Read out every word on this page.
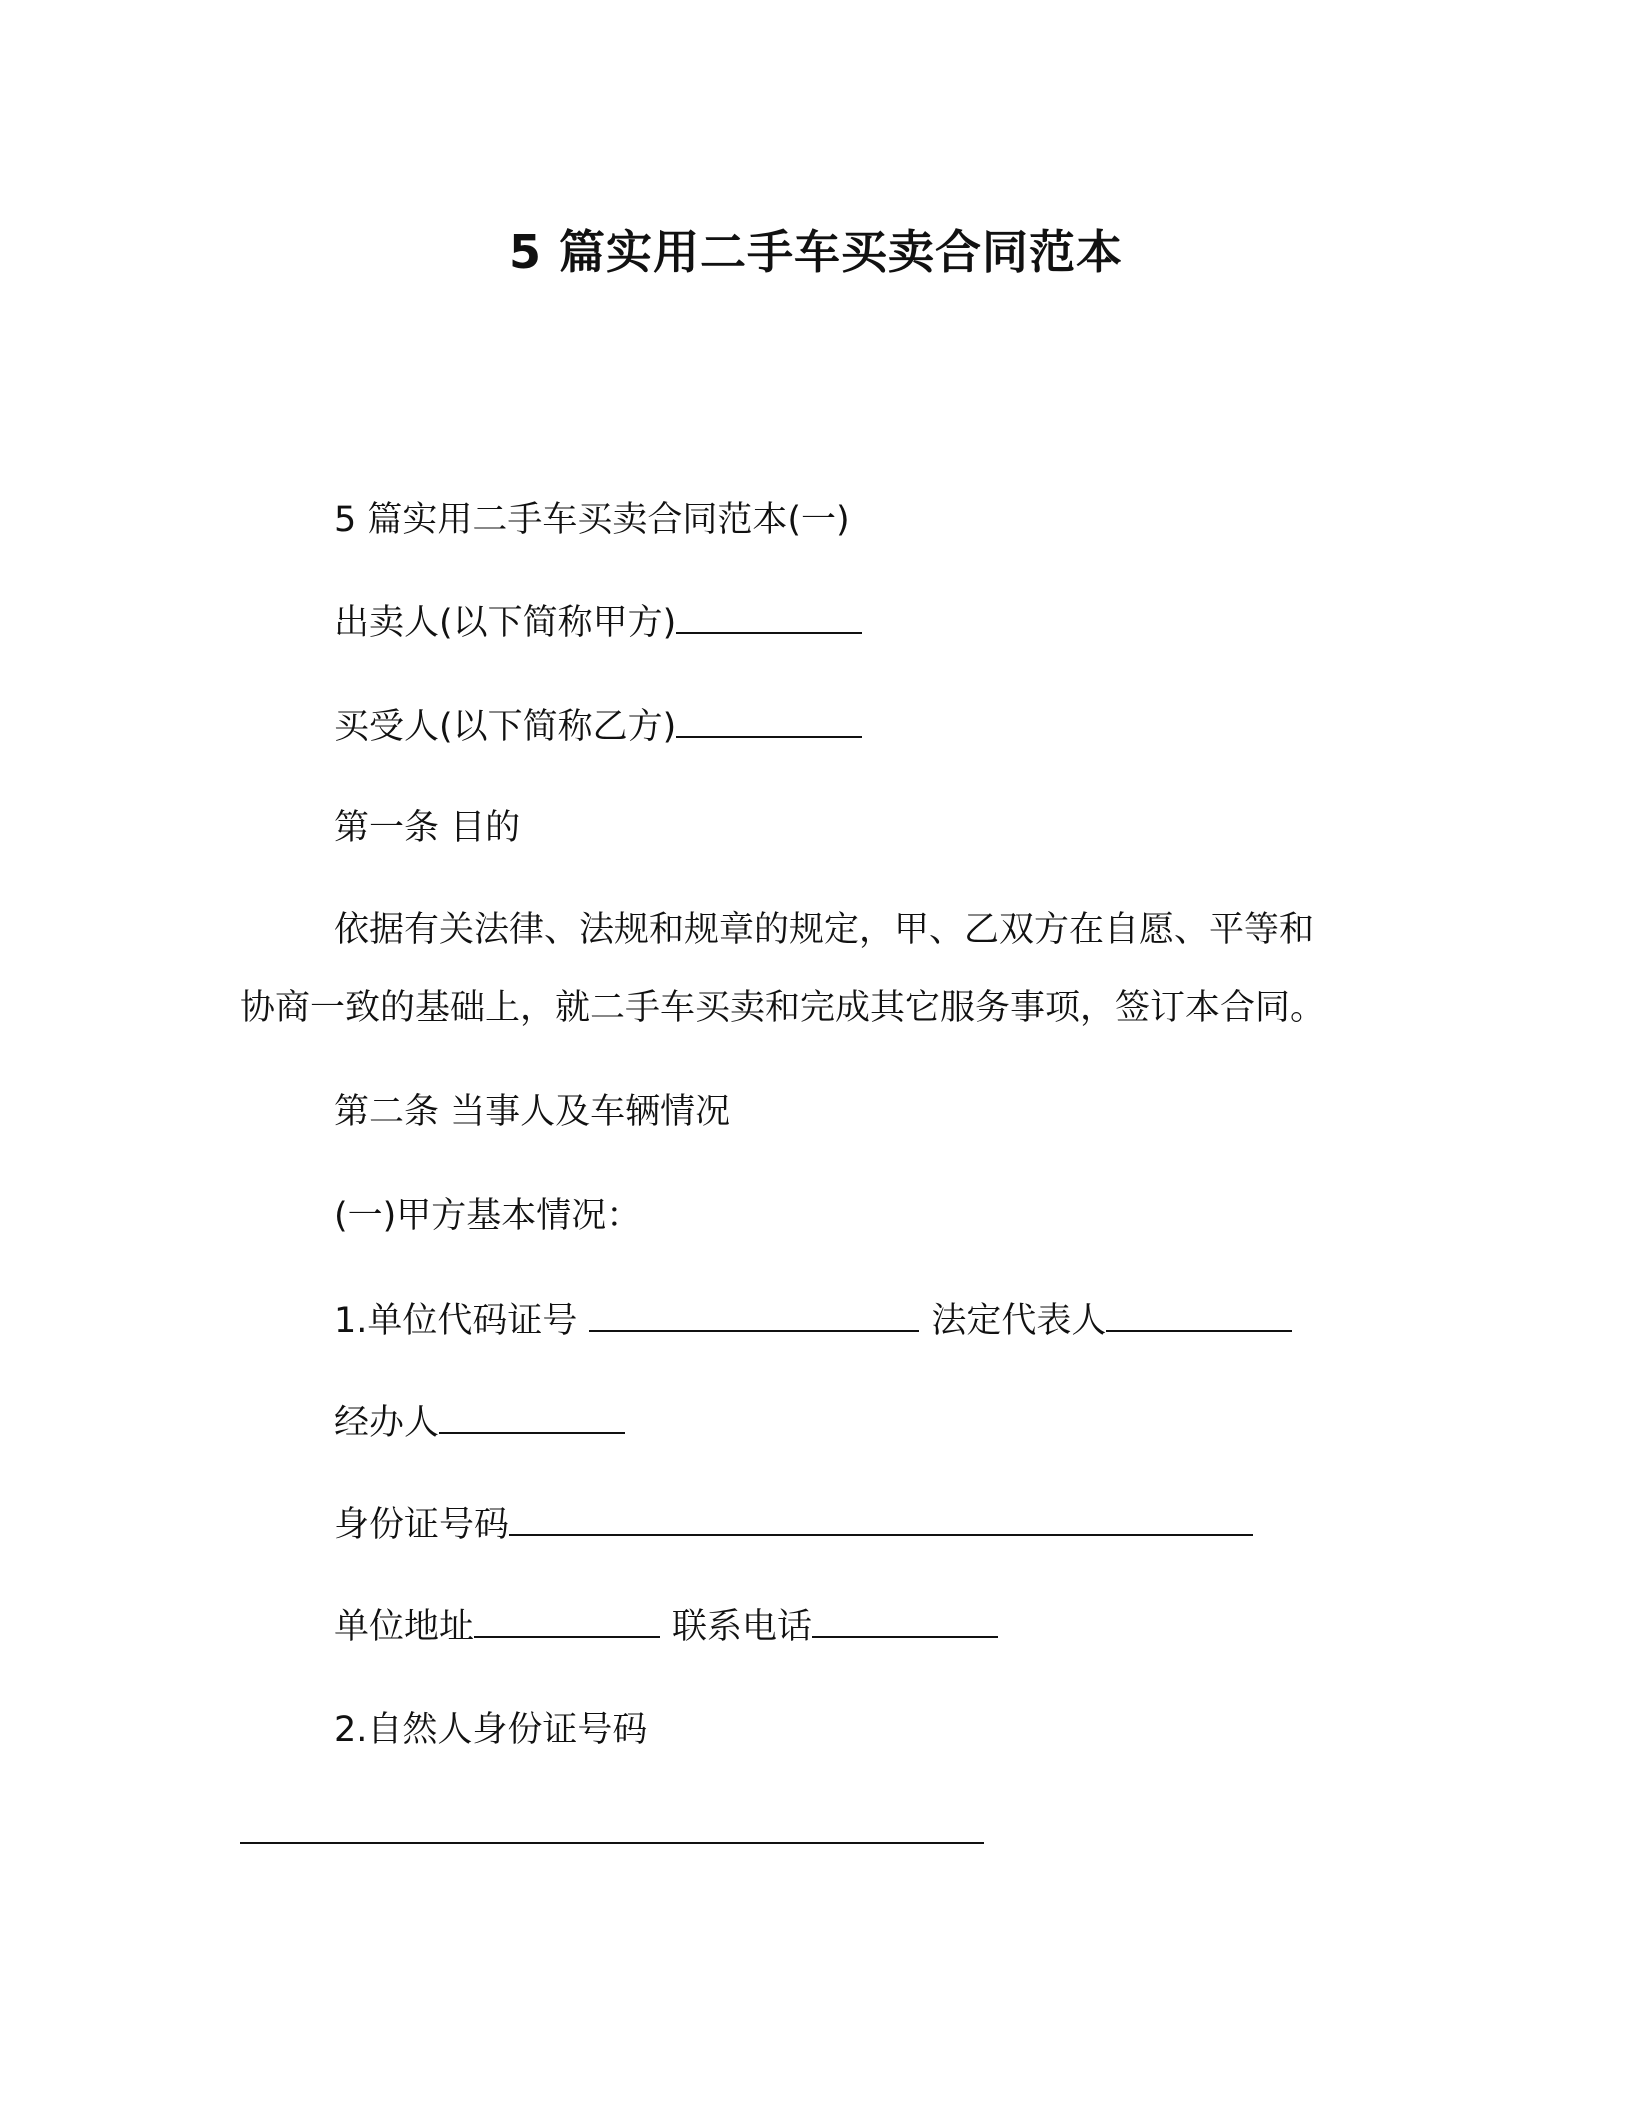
5 篇实用二手车买卖合同范本
5 篇实用二手车买卖合同范本(一)
出卖人(以下简称甲方)
买受人(以下简称乙方)
第一条 目的
依据有关法律、法规和规章的规定，甲、乙双方在自愿、平等和
协商一致的基础上，就二手车买卖和完成其它服务事项，签订本合同。
第二条 当事人及车辆情况
(一)甲方基本情况：
1.单位代码证号	法定代表人
经办人
身份证号码
单位地址	联系电话
2.自然人身份证号码
